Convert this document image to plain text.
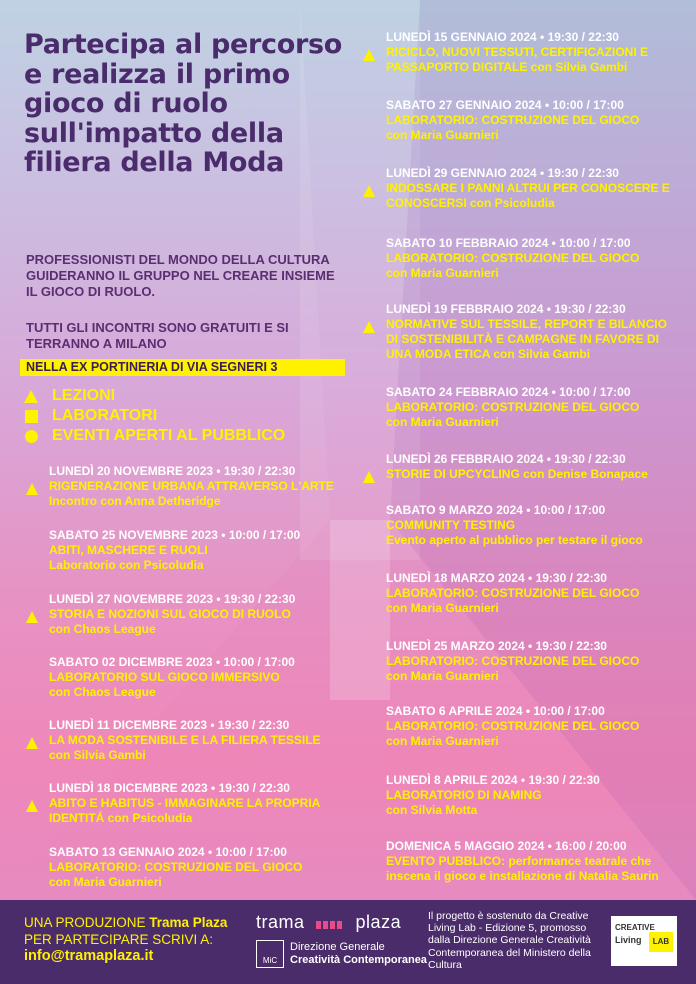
Partecipa al percorso e realizza il primo gioco di ruolo sull'impatto della filiera della Moda
PROFESSIONISTI DEL MONDO DELLA CULTURA GUIDERANNO IL GRUPPO NEL CREARE INSIEME IL GIOCO DI RUOLO.
TUTTI GLI INCONTRI SONO GRATUITI E SI TERRANNO A MILANO
NELLA EX PORTINERIA DI VIA SEGNERI 3
LEZIONI
LABORATORI
EVENTI APERTI AL PUBBLICO
LUNEDÌ 20 NOVEMBRE 2023 • 19:30 / 22:30
RIGENERAZIONE URBANA ATTRAVERSO L'ARTE
Incontro con Anna Detheridge
SABATO 25 NOVEMBRE 2023 • 10:00 / 17:00
ABITI, MASCHERE E RUOLI
Laboratorio con Psicoludia
LUNEDÌ 27 NOVEMBRE 2023 • 19:30 / 22:30
STORIA E NOZIONI SUL GIOCO DI RUOLO
con Chaos League
SABATO 02 DICEMBRE 2023 • 10:00 / 17:00
LABORATORIO SUL GIOCO IMMERSIVO
con Chaos League
LUNEDÌ 11 DICEMBRE 2023 • 19:30 / 22:30
LA MODA SOSTENIBILE E LA FILIERA TESSILE
con Silvia Gambi
LUNEDÌ 18 DICEMBRE 2023 • 19:30 / 22:30
ABITO E HABITUS - IMMAGINARE LA PROPRIA IDENTITÁ con Psicoludia
SABATO 13 GENNAIO 2024 • 10:00 / 17:00
LABORATORIO: COSTRUZIONE DEL GIOCO
con Maria Guarnieri
LUNEDÌ 15 GENNAIO 2024 • 19:30 / 22:30
RICICLO, NUOVI TESSUTI, CERTIFICAZIONI E PASSAPORTO DIGITALE con Silvia Gambi
SABATO 27 GENNAIO 2024 • 10:00 / 17:00
LABORATORIO: COSTRUZIONE DEL GIOCO
con Maria Guarnieri
LUNEDÌ 29 GENNAIO 2024 • 19:30 / 22:30
INDOSSARE I PANNI ALTRUI PER CONOSCERE E CONOSCERSI con Psicoludia
SABATO 10 FEBBRAIO 2024 • 10:00 / 17:00
LABORATORIO: COSTRUZIONE DEL GIOCO
con Maria Guarnieri
LUNEDÌ 19 FEBBRAIO 2024 • 19:30 / 22:30
NORMATIVE SUL TESSILE, REPORT E BILANCIO DI SOSTENIBILITÀ E CAMPAGNE IN FAVORE DI UNA MODA ETICA con Silvia Gambi
SABATO 24 FEBBRAIO 2024 • 10:00 / 17:00
LABORATORIO: COSTRUZIONE DEL GIOCO
con Maria Guarnieri
LUNEDÌ 26 FEBBRAIO 2024 • 19:30 / 22:30
STORIE DI UPCYCLING con Denise Bonapace
SABATO 9 MARZO 2024 • 10:00 / 17:00
COMMUNITY TESTING
Evento aperto al pubblico per testare il gioco
LUNEDÌ 18 MARZO 2024 • 19:30 / 22:30
LABORATORIO: COSTRUZIONE DEL GIOCO
con Maria Guarnieri
LUNEDÌ 25 MARZO 2024 • 19:30 / 22:30
LABORATORIO: COSTRUZIONE DEL GIOCO
con Maria Guarnieri
SABATO 6 APRILE 2024 • 10:00 / 17:00
LABORATORIO: COSTRUZIONE DEL GIOCO
con Maria Guarnieri
LUNEDÌ 8 APRILE 2024 • 19:30 / 22:30
LABORATORIO DI NAMING
con Silvia Motta
DOMENICA 5 MAGGIO 2024 • 16:00 / 20:00
EVENTO PUBBLICO: performance teatrale che inscena il gioco e installazione di Natalia Saurin
UNA PRODUZIONE Trama Plaza
PER PARTECIPARE SCRIVI A:
info@tramaplaza.it
trama	plaza
MiC
Direzione Generale
Creatività Contemporanea
Il progetto è sostenuto da Creative Living Lab - Edizione 5, promosso dalla Direzione Generale Creatività Contemporanea del Ministero della Cultura
CREATIVE
Living	LAB
